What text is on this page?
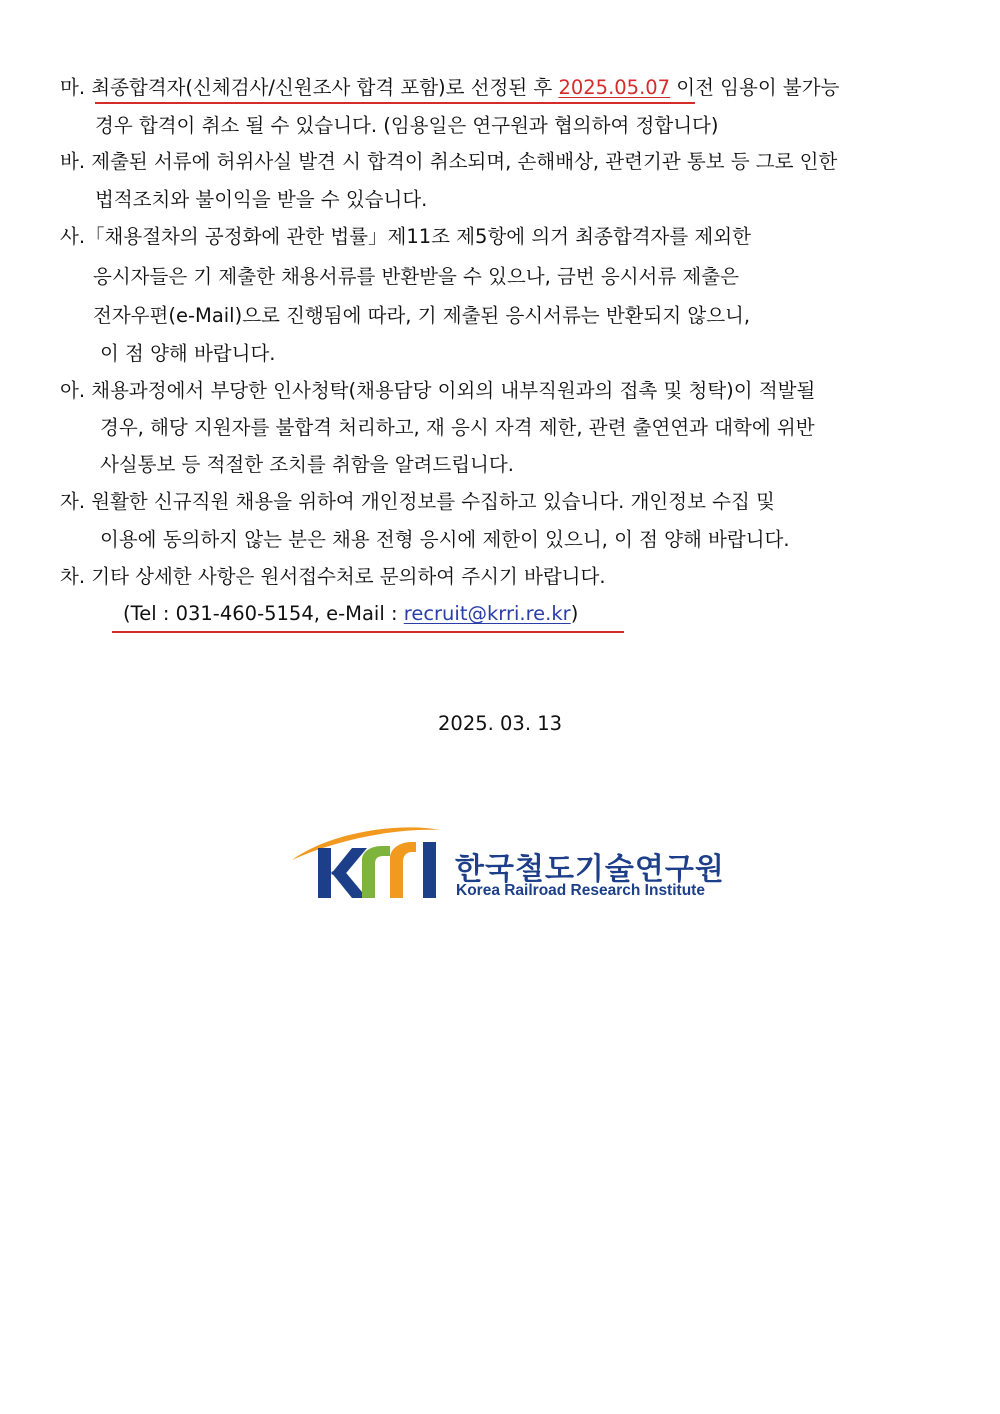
마. 최종합격자(신체검사/신원조사 합격 포함)로 선정된 후 2025.05.07 이전 임용이 불가능
경우 합격이 취소 될 수 있습니다. (임용일은 연구원과 협의하여 정합니다)
바. 제출된 서류에 허위사실 발견 시 합격이 취소되며, 손해배상, 관련기관 통보 등 그로 인한
법적조치와 불이익을 받을 수 있습니다.
사.「채용절차의 공정화에 관한 법률」제11조 제5항에 의거 최종합격자를 제외한
응시자들은 기 제출한 채용서류를 반환받을 수 있으나, 금번 응시서류 제출은
전자우편(e-Mail)으로 진행됨에 따라, 기 제출된 응시서류는 반환되지 않으니,
이 점 양해 바랍니다.
아. 채용과정에서 부당한 인사청탁(채용담당 이외의 내부직원과의 접촉 및 청탁)이 적발될
경우, 해당 지원자를 불합격 처리하고, 재 응시 자격 제한, 관련 출연연과 대학에 위반
사실통보 등 적절한 조치를 취함을 알려드립니다.
자. 원활한 신규직원 채용을 위하여 개인정보를 수집하고 있습니다. 개인정보 수집 및
이용에 동의하지 않는 분은 채용 전형 응시에 제한이 있으니, 이 점 양해 바랍니다.
차. 기타 상세한 사항은 원서접수처로 문의하여 주시기 바랍니다.
(Tel : 031-460-5154, e-Mail : recruit@krri.re.kr)
2025. 03. 13
한국철도기술연구원
Korea Railroad Research Institute
